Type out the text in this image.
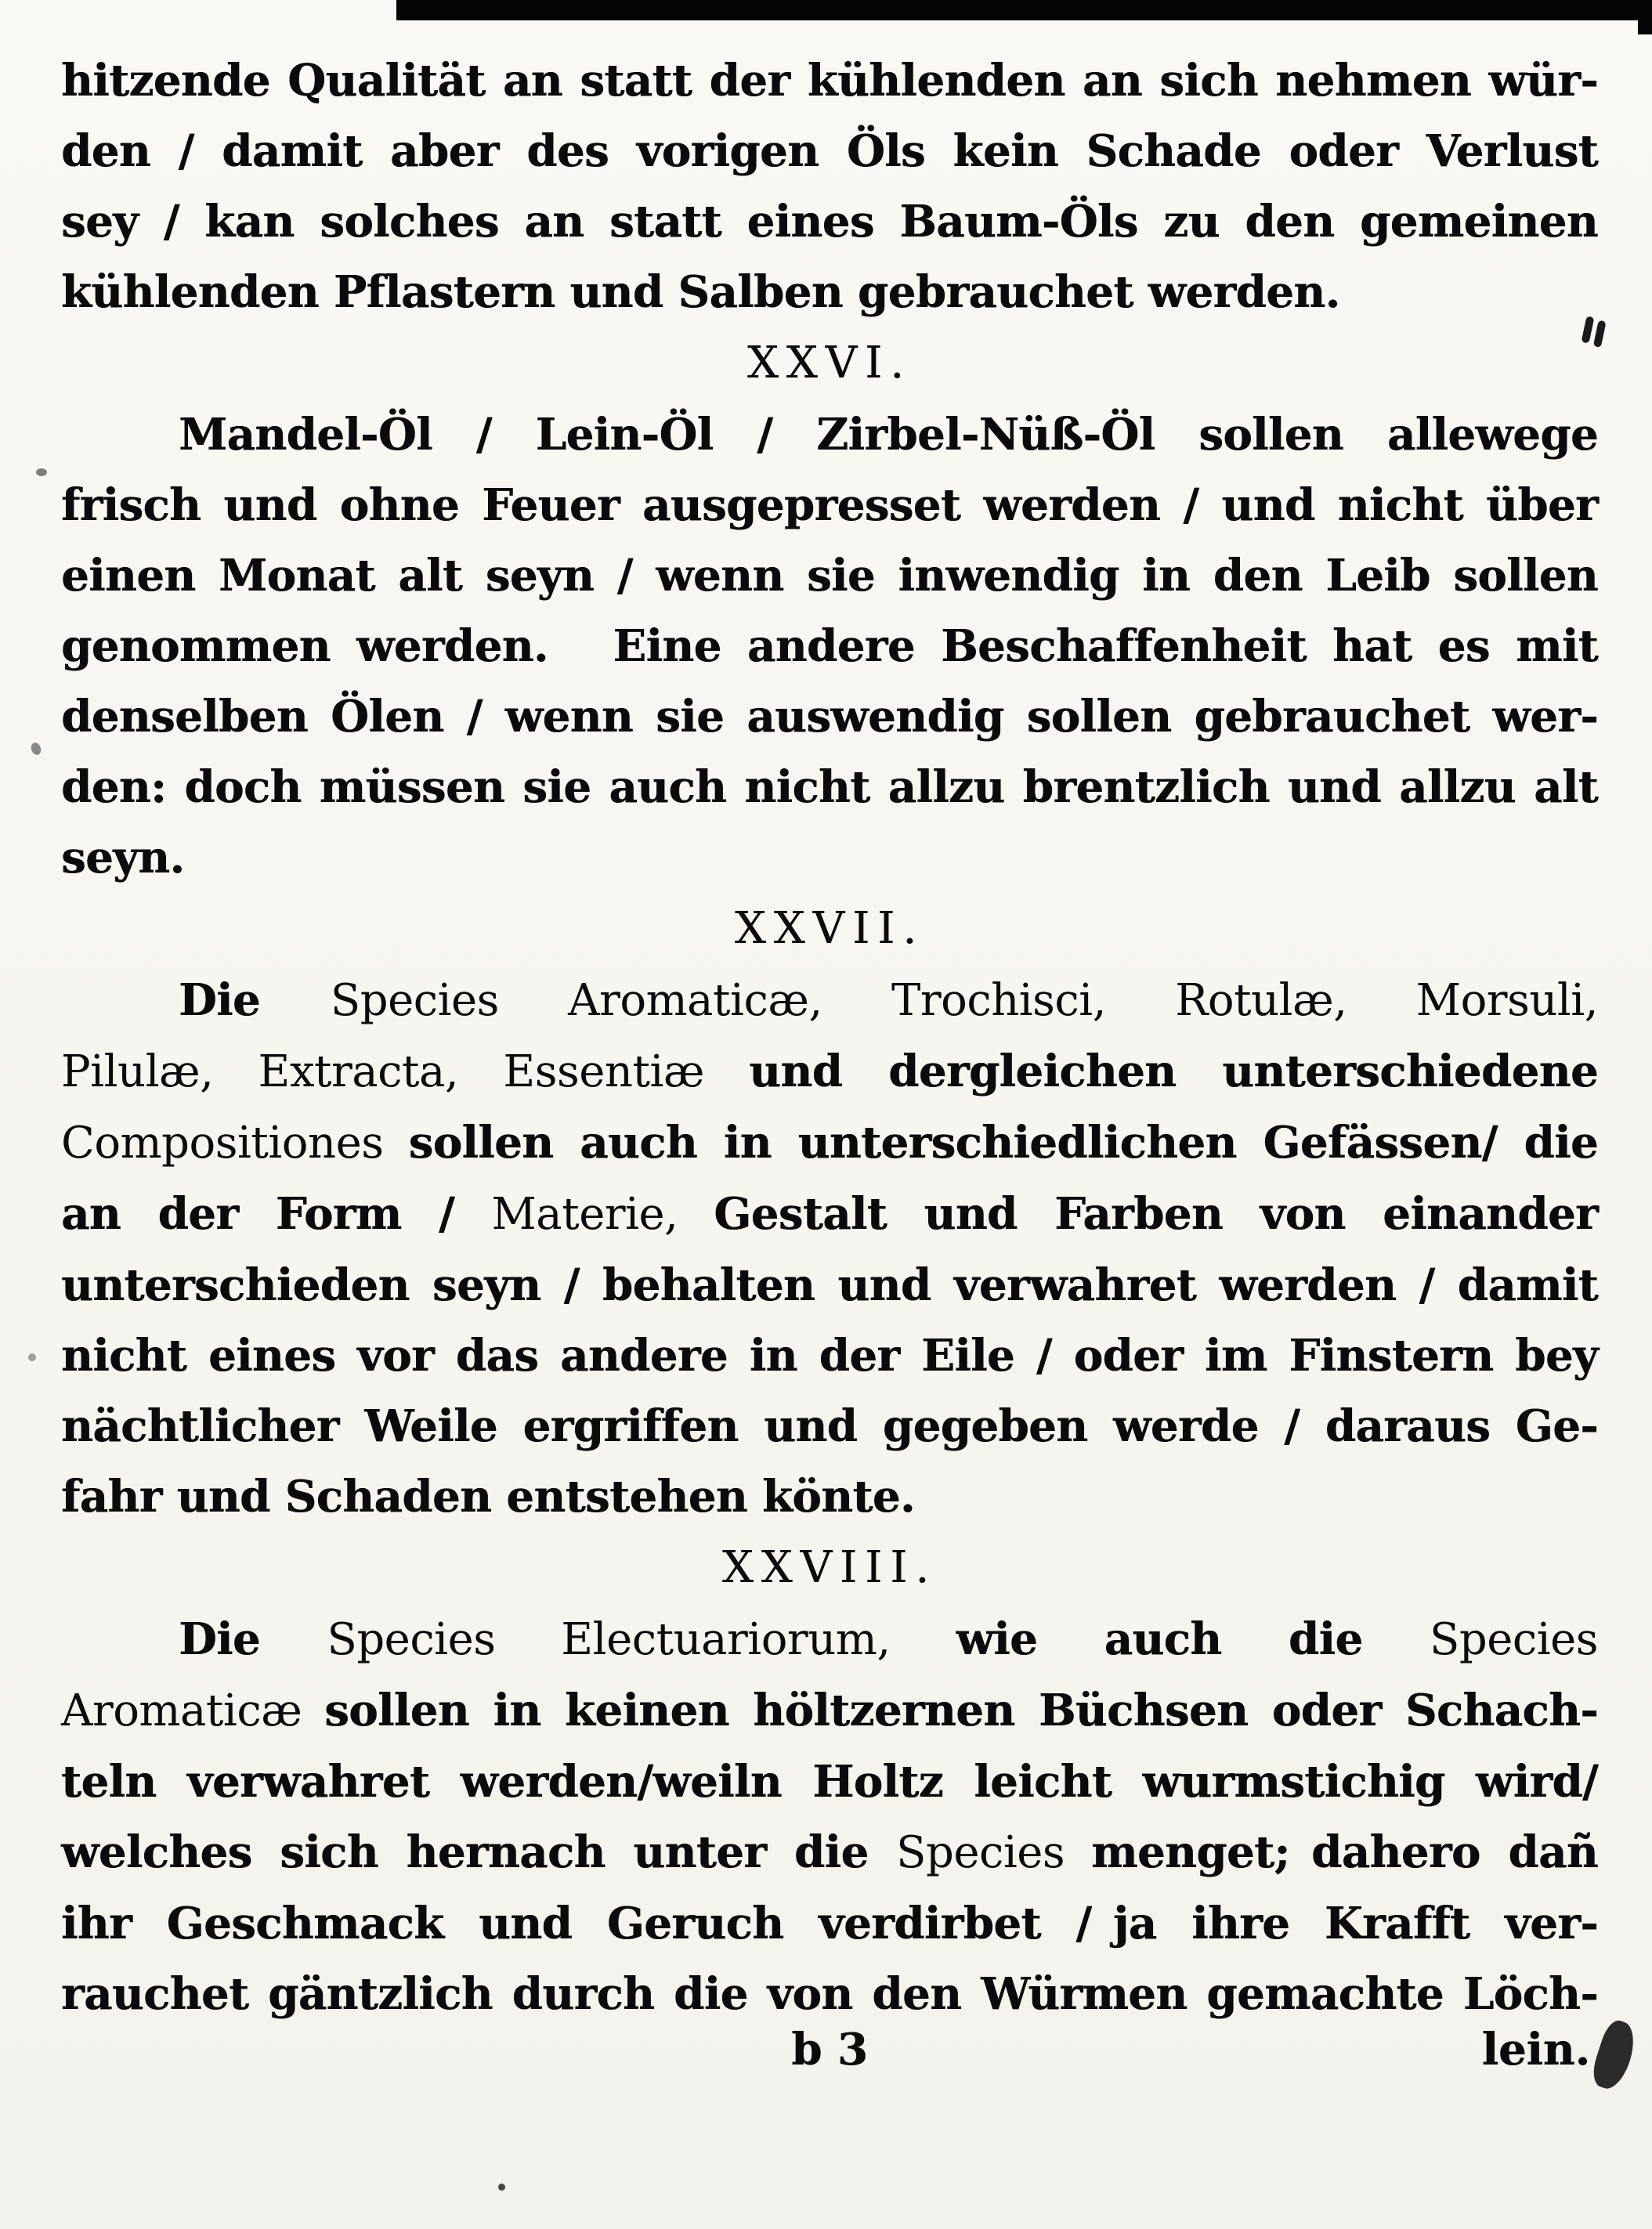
hitzende Qualität an statt der kühlenden an sich nehmen wür-
den / damit aber des vorigen Öls kein Schade oder Verlust
sey / kan solches an statt eines Baum-Öls zu den gemeinen
kühlenden Pflastern und Salben gebrauchet werden.
XXVI.
Mandel-Öl / Lein-Öl / Zirbel-Nüß-Öl sollen allewege
frisch und ohne Feuer ausgepresset werden / und nicht über
einen Monat alt seyn / wenn sie inwendig in den Leib sollen
genommen werden.   Eine andere Beschaffenheit hat es mit
denselben Ölen / wenn sie auswendig sollen gebrauchet wer-
den: doch müssen sie auch nicht allzu brentzlich und allzu alt
seyn.
XXVII.
Die Species Aromaticæ, Trochisci, Rotulæ, Morsuli,
Pilulæ, Extracta, Essentiæ und dergleichen unterschiedene
Compositiones sollen auch in unterschiedlichen Gefässen/ die
an der Form / Materie, Gestalt und Farben von einander
unterschieden seyn / behalten und verwahret werden / damit
nicht eines vor das andere in der Eile / oder im Finstern bey
nächtlicher Weile ergriffen und gegeben werde / daraus Ge-
fahr und Schaden entstehen könte.
XXVIII.
Die Species Electuariorum, wie auch die Species
Aromaticæ sollen in keinen höltzernen Büchsen oder Schach-
teln verwahret werden/weiln Holtz leicht wurmstichig wird/
welches sich hernach unter die Species menget; dahero dañ
ihr Geschmack und Geruch verdirbet / ja ihre Krafft ver-
rauchet gäntzlich durch die von den Würmen gemachte Löch-
b 3	lein.
